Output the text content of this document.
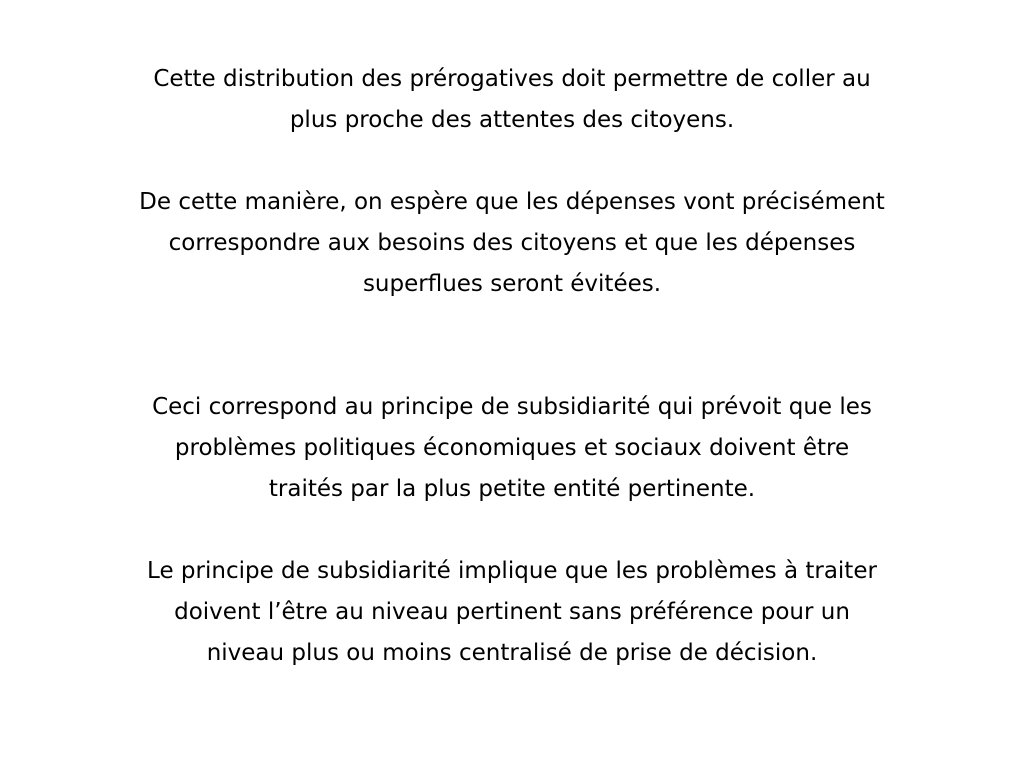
Cette distribution des prérogatives doit permettre de coller au
plus proche des attentes des citoyens.

De cette manière, on espère que les dépenses vont précisément
correspondre aux besoins des citoyens et que les dépenses
superflues seront évitées.

Ceci correspond au principe de subsidiarité qui prévoit que les
problèmes politiques économiques et sociaux doivent être
traités par la plus petite entité pertinente.

Le principe de subsidiarité implique que les problèmes à traiter
doivent l’être au niveau pertinent sans préférence pour un
niveau plus ou moins centralisé de prise de décision.
